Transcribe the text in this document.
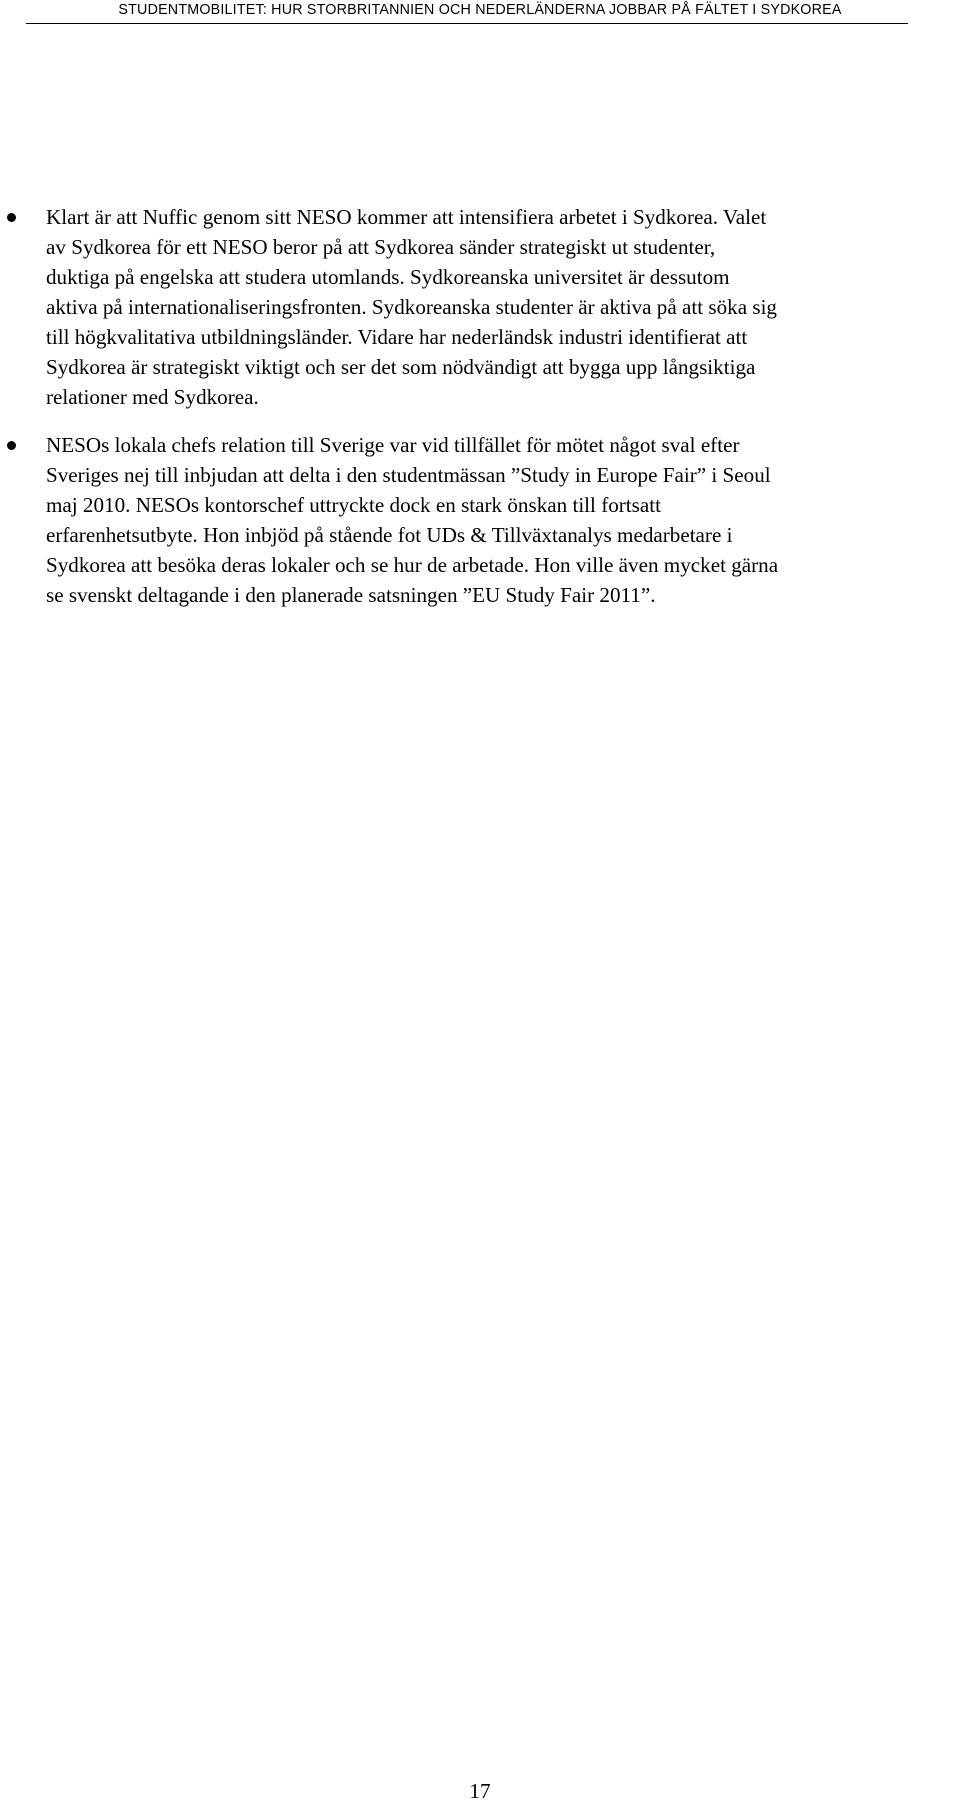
STUDENTMOBILITET: HUR STORBRITANNIEN OCH NEDERLÄNDERNA JOBBAR PÅ FÄLTET I SYDKOREA
Klart är att Nuffic genom sitt NESO kommer att intensifiera arbetet i Sydkorea. Valet
av Sydkorea för ett NESO beror på att Sydkorea sänder strategiskt ut studenter,
duktiga på engelska att studera utomlands. Sydkoreanska universitet är dessutom
aktiva på internationaliseringsfronten. Sydkoreanska studenter är aktiva på att söka sig
till högkvalitativa utbildningsländer. Vidare har nederländsk industri identifierat att
Sydkorea är strategiskt viktigt och ser det som nödvändigt att bygga upp långsiktiga
relationer med Sydkorea.
NESOs lokala chefs relation till Sverige var vid tillfället för mötet något sval efter
Sveriges nej till inbjudan att delta i den studentmässan ”Study in Europe Fair” i Seoul
maj 2010. NESOs kontorschef uttryckte dock en stark önskan till fortsatt
erfarenhetsutbyte. Hon inbjöd på stående fot UDs & Tillväxtanalys medarbetare i
Sydkorea att besöka deras lokaler och se hur de arbetade. Hon ville även mycket gärna
se svenskt deltagande i den planerade satsningen ”EU Study Fair 2011”.
17
